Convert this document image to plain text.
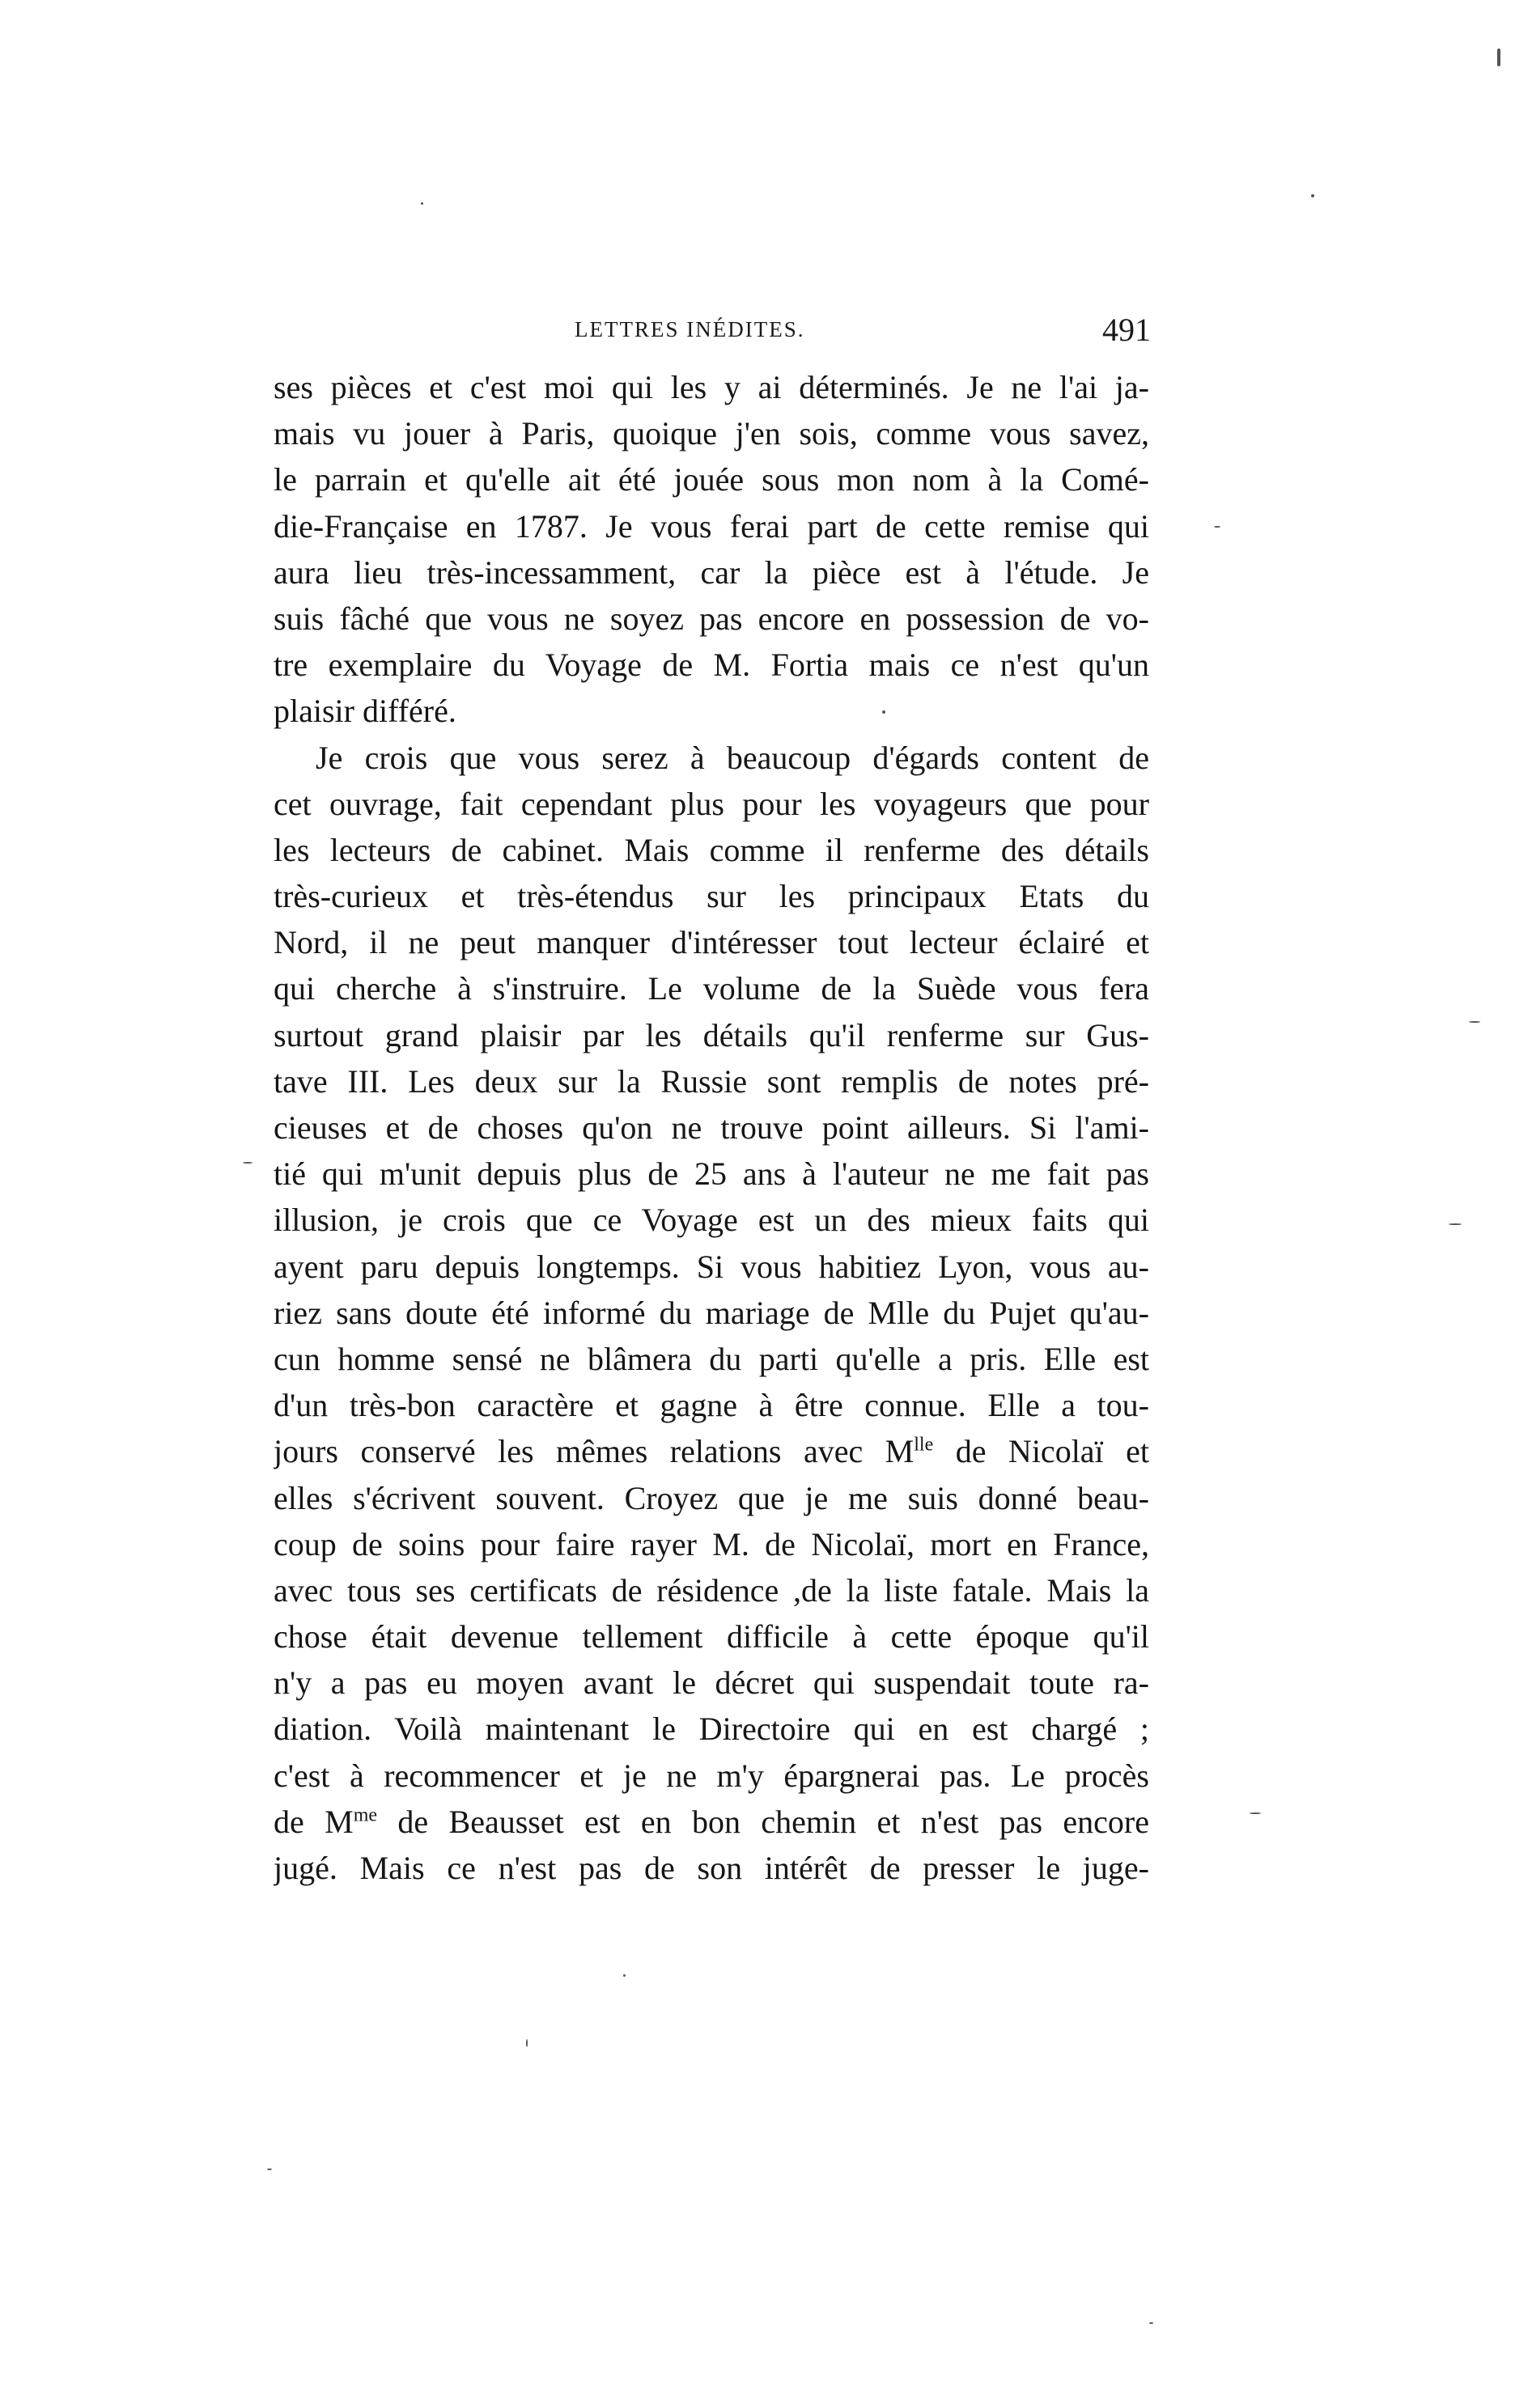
LETTRES INÉDITES.	491
ses pièces et c'est moi qui les y ai déterminés. Je ne l'ai ja-
mais vu jouer à Paris, quoique j'en sois, comme vous savez,
le parrain et qu'elle ait été jouée sous mon nom à la Comé-
die-Française en 1787. Je vous ferai part de cette remise qui
aura lieu très-incessamment, car la pièce est à l'étude. Je
suis fâché que vous ne soyez pas encore en possession de vo-
tre exemplaire du Voyage de M. Fortia mais ce n'est qu'un
plaisir différé.
Je crois que vous serez à beaucoup d'égards content de
cet ouvrage, fait cependant plus pour les voyageurs que pour
les lecteurs de cabinet. Mais comme il renferme des détails
très-curieux et très-étendus sur les principaux Etats du
Nord, il ne peut manquer d'intéresser tout lecteur éclairé et
qui cherche à s'instruire. Le volume de la Suède vous fera
surtout grand plaisir par les détails qu'il renferme sur Gus-
tave III. Les deux sur la Russie sont remplis de notes pré-
cieuses et de choses qu'on ne trouve point ailleurs. Si l'ami-
tié qui m'unit depuis plus de 25 ans à l'auteur ne me fait pas
illusion, je crois que ce Voyage est un des mieux faits qui
ayent paru depuis longtemps. Si vous habitiez Lyon, vous au-
riez sans doute été informé du mariage de Mlle du Pujet qu'au-
cun homme sensé ne blâmera du parti qu'elle a pris. Elle est
d'un très-bon caractère et gagne à être connue. Elle a tou-
jours conservé les mêmes relations avec $M^{lle}$ de Nicolaï et
elles s'écrivent souvent. Croyez que je me suis donné beau-
coup de soins pour faire rayer M. de Nicolaï, mort en France,
avec tous ses certificats de résidence ,de la liste fatale. Mais la
chose était devenue tellement difficile à cette époque qu'il
n'y a pas eu moyen avant le décret qui suspendait toute ra-
diation. Voilà maintenant le Directoire qui en est chargé ;
c'est à recommencer et je ne m'y épargnerai pas. Le procès
de $M^{me}$ de Beausset est en bon chemin et n'est pas encore
jugé. Mais ce n'est pas de son intérêt de presser le juge-
